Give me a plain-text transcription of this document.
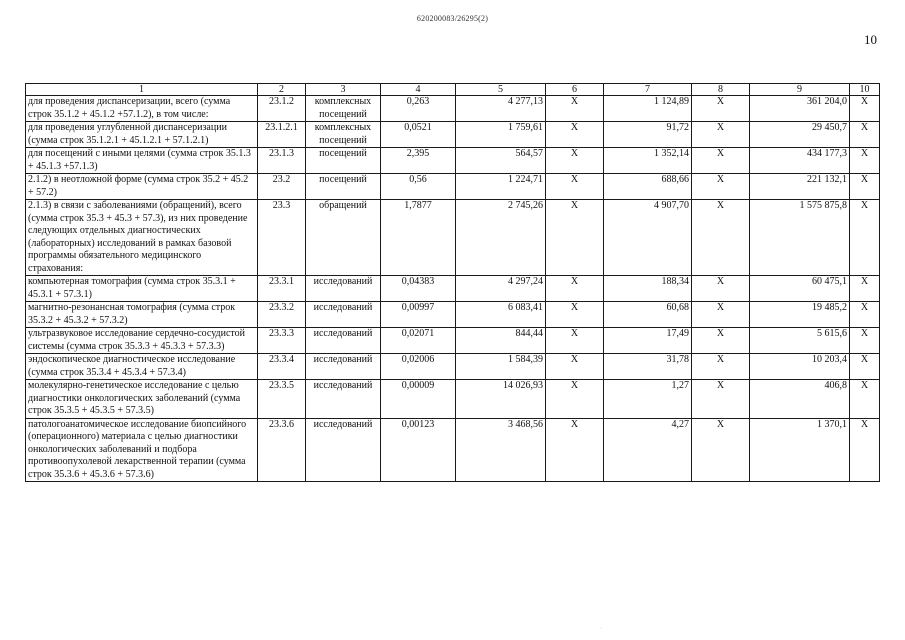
620200083/26295(2)
10
1	2	3	4	5	6	7	8	9	10
для проведения диспансеризации, всего (сумма строк 35.1.2 + 45.1.2 +57.1.2), в том числе:	23.1.2	комплексных посещений	0,263	4 277,13	X	1 124,89	X	361 204,0	X
для проведения углубленной диспансеризации (сумма строк 35.1.2.1 + 45.1.2.1 + 57.1.2.1)	23.1.2.1	комплексных посещений	0,0521	1 759,61	X	91,72	X	29 450,7	X
для посещений с иными целями (сумма строк 35.1.3 + 45.1.3 +57.1.3)	23.1.3	посещений	2,395	564,57	X	1 352,14	X	434 177,3	X
2.1.2) в неотложной форме (сумма строк 35.2 + 45.2 + 57.2)	23.2	посещений	0,56	1 224,71	X	688,66	X	221 132,1	X
2.1.3) в связи с заболеваниями (обращений), всего (сумма строк 35.3 + 45.3 + 57.3), из них проведение следующих отдельных диагностических (лабораторных) исследований в рамках базовой программы обязательного медицинского страхования:	23.3	обращений	1,7877	2 745,26	X	4 907,70	X	1 575 875,8	X
компьютерная томография (сумма строк 35.3.1 + 45.3.1 + 57.3.1)	23.3.1	исследований	0,04383	4 297,24	X	188,34	X	60 475,1	X
магнитно-резонансная томография (сумма строк 35.3.2 + 45.3.2 + 57.3.2)	23.3.2	исследований	0,00997	6 083,41	X	60,68	X	19 485,2	X
ультразвуковое исследование сердечно-сосудистой системы (сумма строк 35.3.3 + 45.3.3 + 57.3.3)	23.3.3	исследований	0,02071	844,44	X	17,49	X	5 615,6	X
эндоскопическое диагностическое исследование (сумма строк 35.3.4 + 45.3.4 + 57.3.4)	23.3.4	исследований	0,02006	1 584,39	X	31,78	X	10 203,4	X
молекулярно-генетическое исследование с целью диагностики онкологических заболеваний (сумма строк 35.3.5 + 45.3.5 + 57.3.5)	23.3.5	исследований	0,00009	14 026,93	X	1,27	X	406,8	X
патологоанатомическое исследование биопсийного (операционного) материала с целью диагностики онкологических заболеваний и подбора противоопухолевой лекарственной терапии (сумма строк 35.3.6 + 45.3.6 + 57.3.6)	23.3.6	исследований	0,00123	3 468,56	X	4,27	X	1 370,1	X
·
